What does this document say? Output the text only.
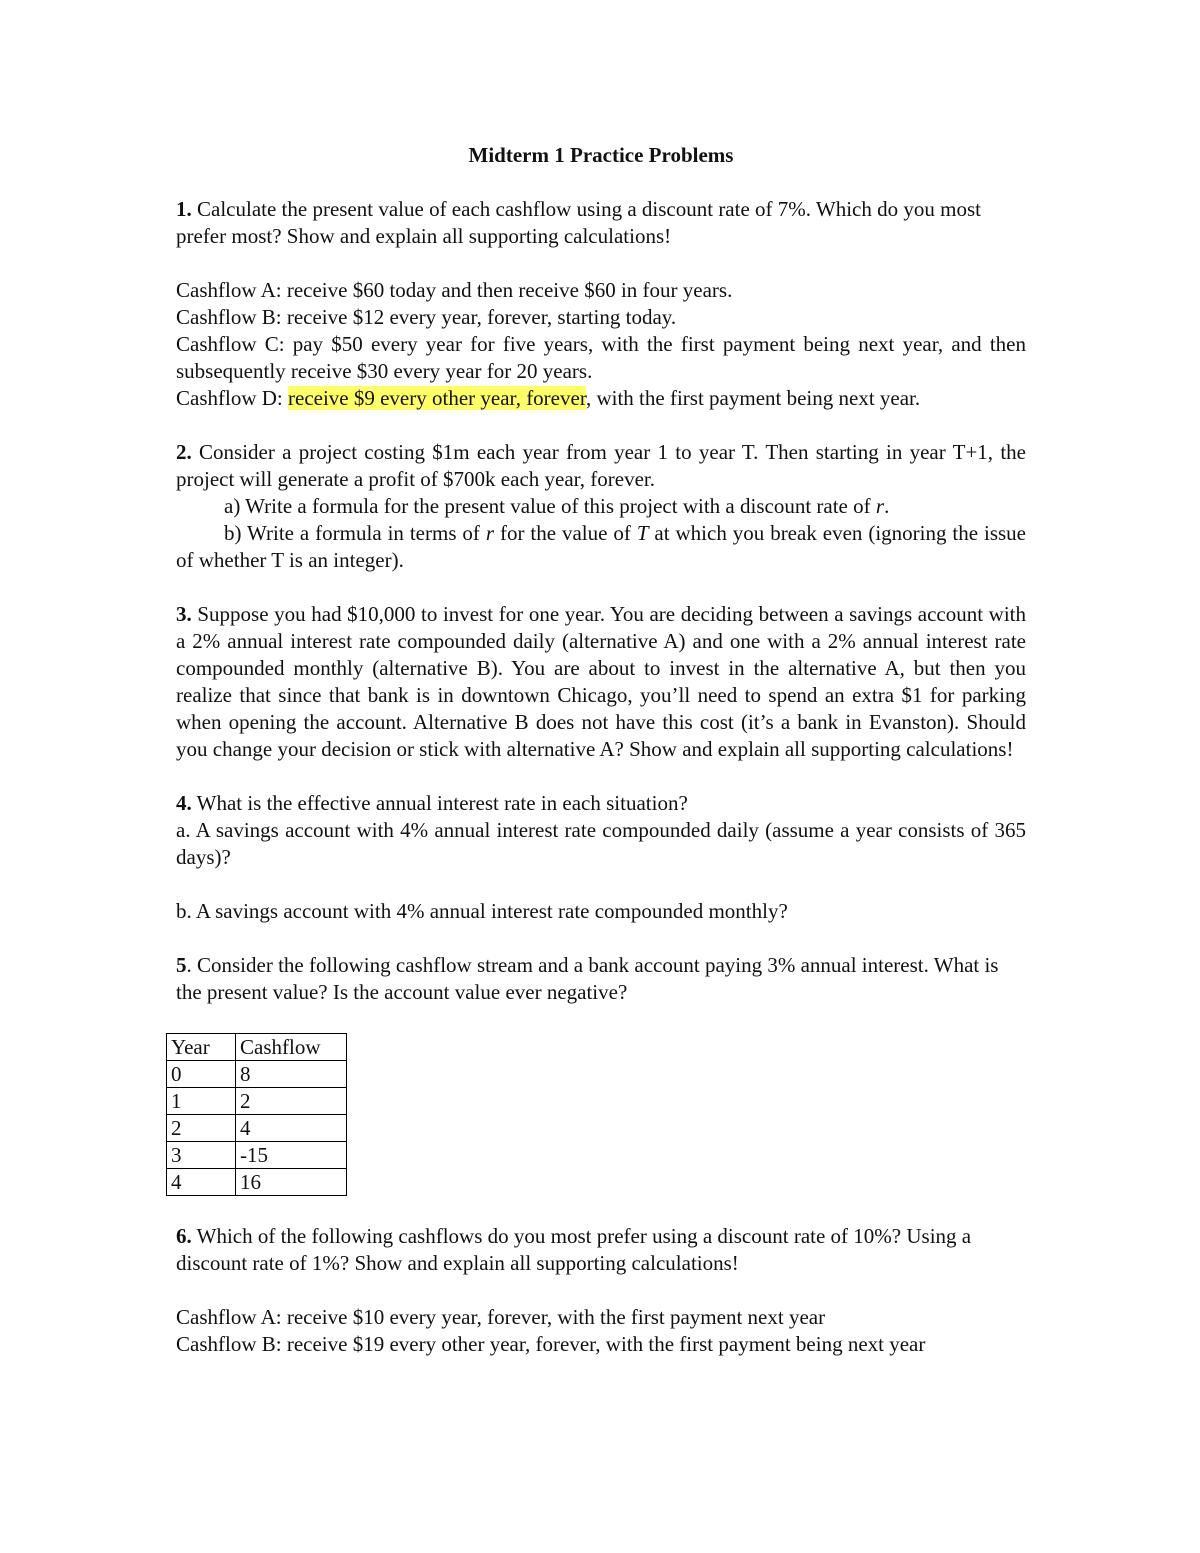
Midterm 1 Practice Problems

1. Calculate the present value of each cashflow using a discount rate of 7%. Which do you most prefer most? Show and explain all supporting calculations!

Cashflow A: receive $60 today and then receive $60 in four years.

Cashflow B: receive $12 every year, forever, starting today.

Cashflow C: pay $50 every year for five years, with the first payment being next year, and then subsequently receive $30 every year for 20 years.

Cashflow D: receive $9 every other year, forever, with the first payment being next year.

2. Consider a project costing $1m each year from year 1 to year T. Then starting in year T+1, the project will generate a profit of $700k each year, forever.

a) Write a formula for the present value of this project with a discount rate of r.

b) Write a formula in terms of r for the value of T at which you break even (ignoring the issue of whether T is an integer).

3. Suppose you had $10,000 to invest for one year. You are deciding between a savings account with a 2% annual interest rate compounded daily (alternative A) and one with a 2% annual interest rate compounded monthly (alternative B). You are about to invest in the alternative A, but then you realize that since that bank is in downtown Chicago, you’ll need to spend an extra $1 for parking when opening the account. Alternative B does not have this cost (it’s a bank in Evanston). Should you change your decision or stick with alternative A? Show and explain all supporting calculations!

4. What is the effective annual interest rate in each situation?

a. A savings account with 4% annual interest rate compounded daily (assume a year consists of 365 days)?

b. A savings account with 4% annual interest rate compounded monthly?

5. Consider the following cashflow stream and a bank account paying 3% annual interest. What is the present value? Is the account value ever negative?

Year	Cashflow
0	8
1	2
2	4
3	-15
4	16

6. Which of the following cashflows do you most prefer using a discount rate of 10%? Using a discount rate of 1%? Show and explain all supporting calculations!

Cashflow A: receive $10 every year, forever, with the first payment next year

Cashflow B: receive $19 every other year, forever, with the first payment being next year
